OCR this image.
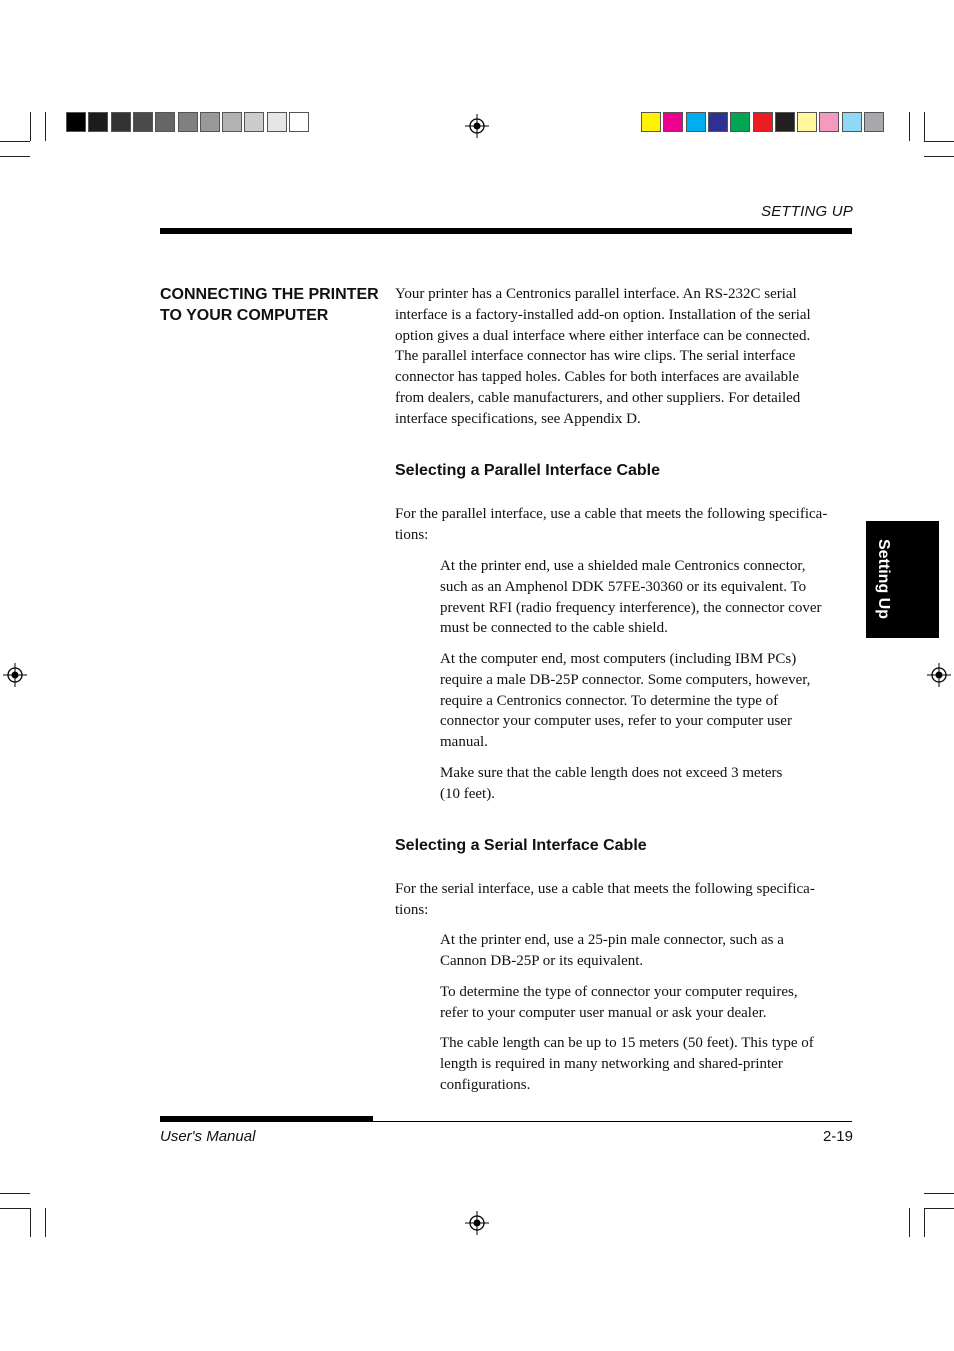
SETTING UP
CONNECTING THE PRINTER
TO YOUR COMPUTER
Your printer has a Centronics parallel interface. An RS-232C serial
interface is a factory-installed add-on option. Installation of the serial
option gives a dual interface where either interface can be connected.
The parallel interface connector has wire clips. The serial interface
connector has tapped holes. Cables for both interfaces are available
from dealers, cable manufacturers, and other suppliers. For detailed
interface specifications, see Appendix D.
Selecting a Parallel Interface Cable
For the parallel interface, use a cable that meets the following specifica-
tions:
At the printer end, use a shielded male Centronics connector,
such as an Amphenol DDK 57FE-30360 or its equivalent. To
prevent RFI (radio frequency interference), the connector cover
must be connected to the cable shield.
At the computer end, most computers (including IBM PCs)
require a male DB-25P connector. Some computers, however,
require a Centronics connector. To determine the type of
connector your computer uses, refer to your computer user
manual.
Make sure that the cable length does not exceed 3 meters
(10 feet).
Selecting a Serial Interface Cable
For the serial interface, use a cable that meets the following specifica-
tions:
At the printer end, use a 25-pin male connector, such as a
Cannon DB-25P or its equivalent.
To determine the type of connector your computer requires,
refer to your computer user manual or ask your dealer.
The cable length can be up to 15 meters (50 feet). This type of
length is required in many networking and shared-printer
configurations.
Setting Up
User's Manual	2-19
